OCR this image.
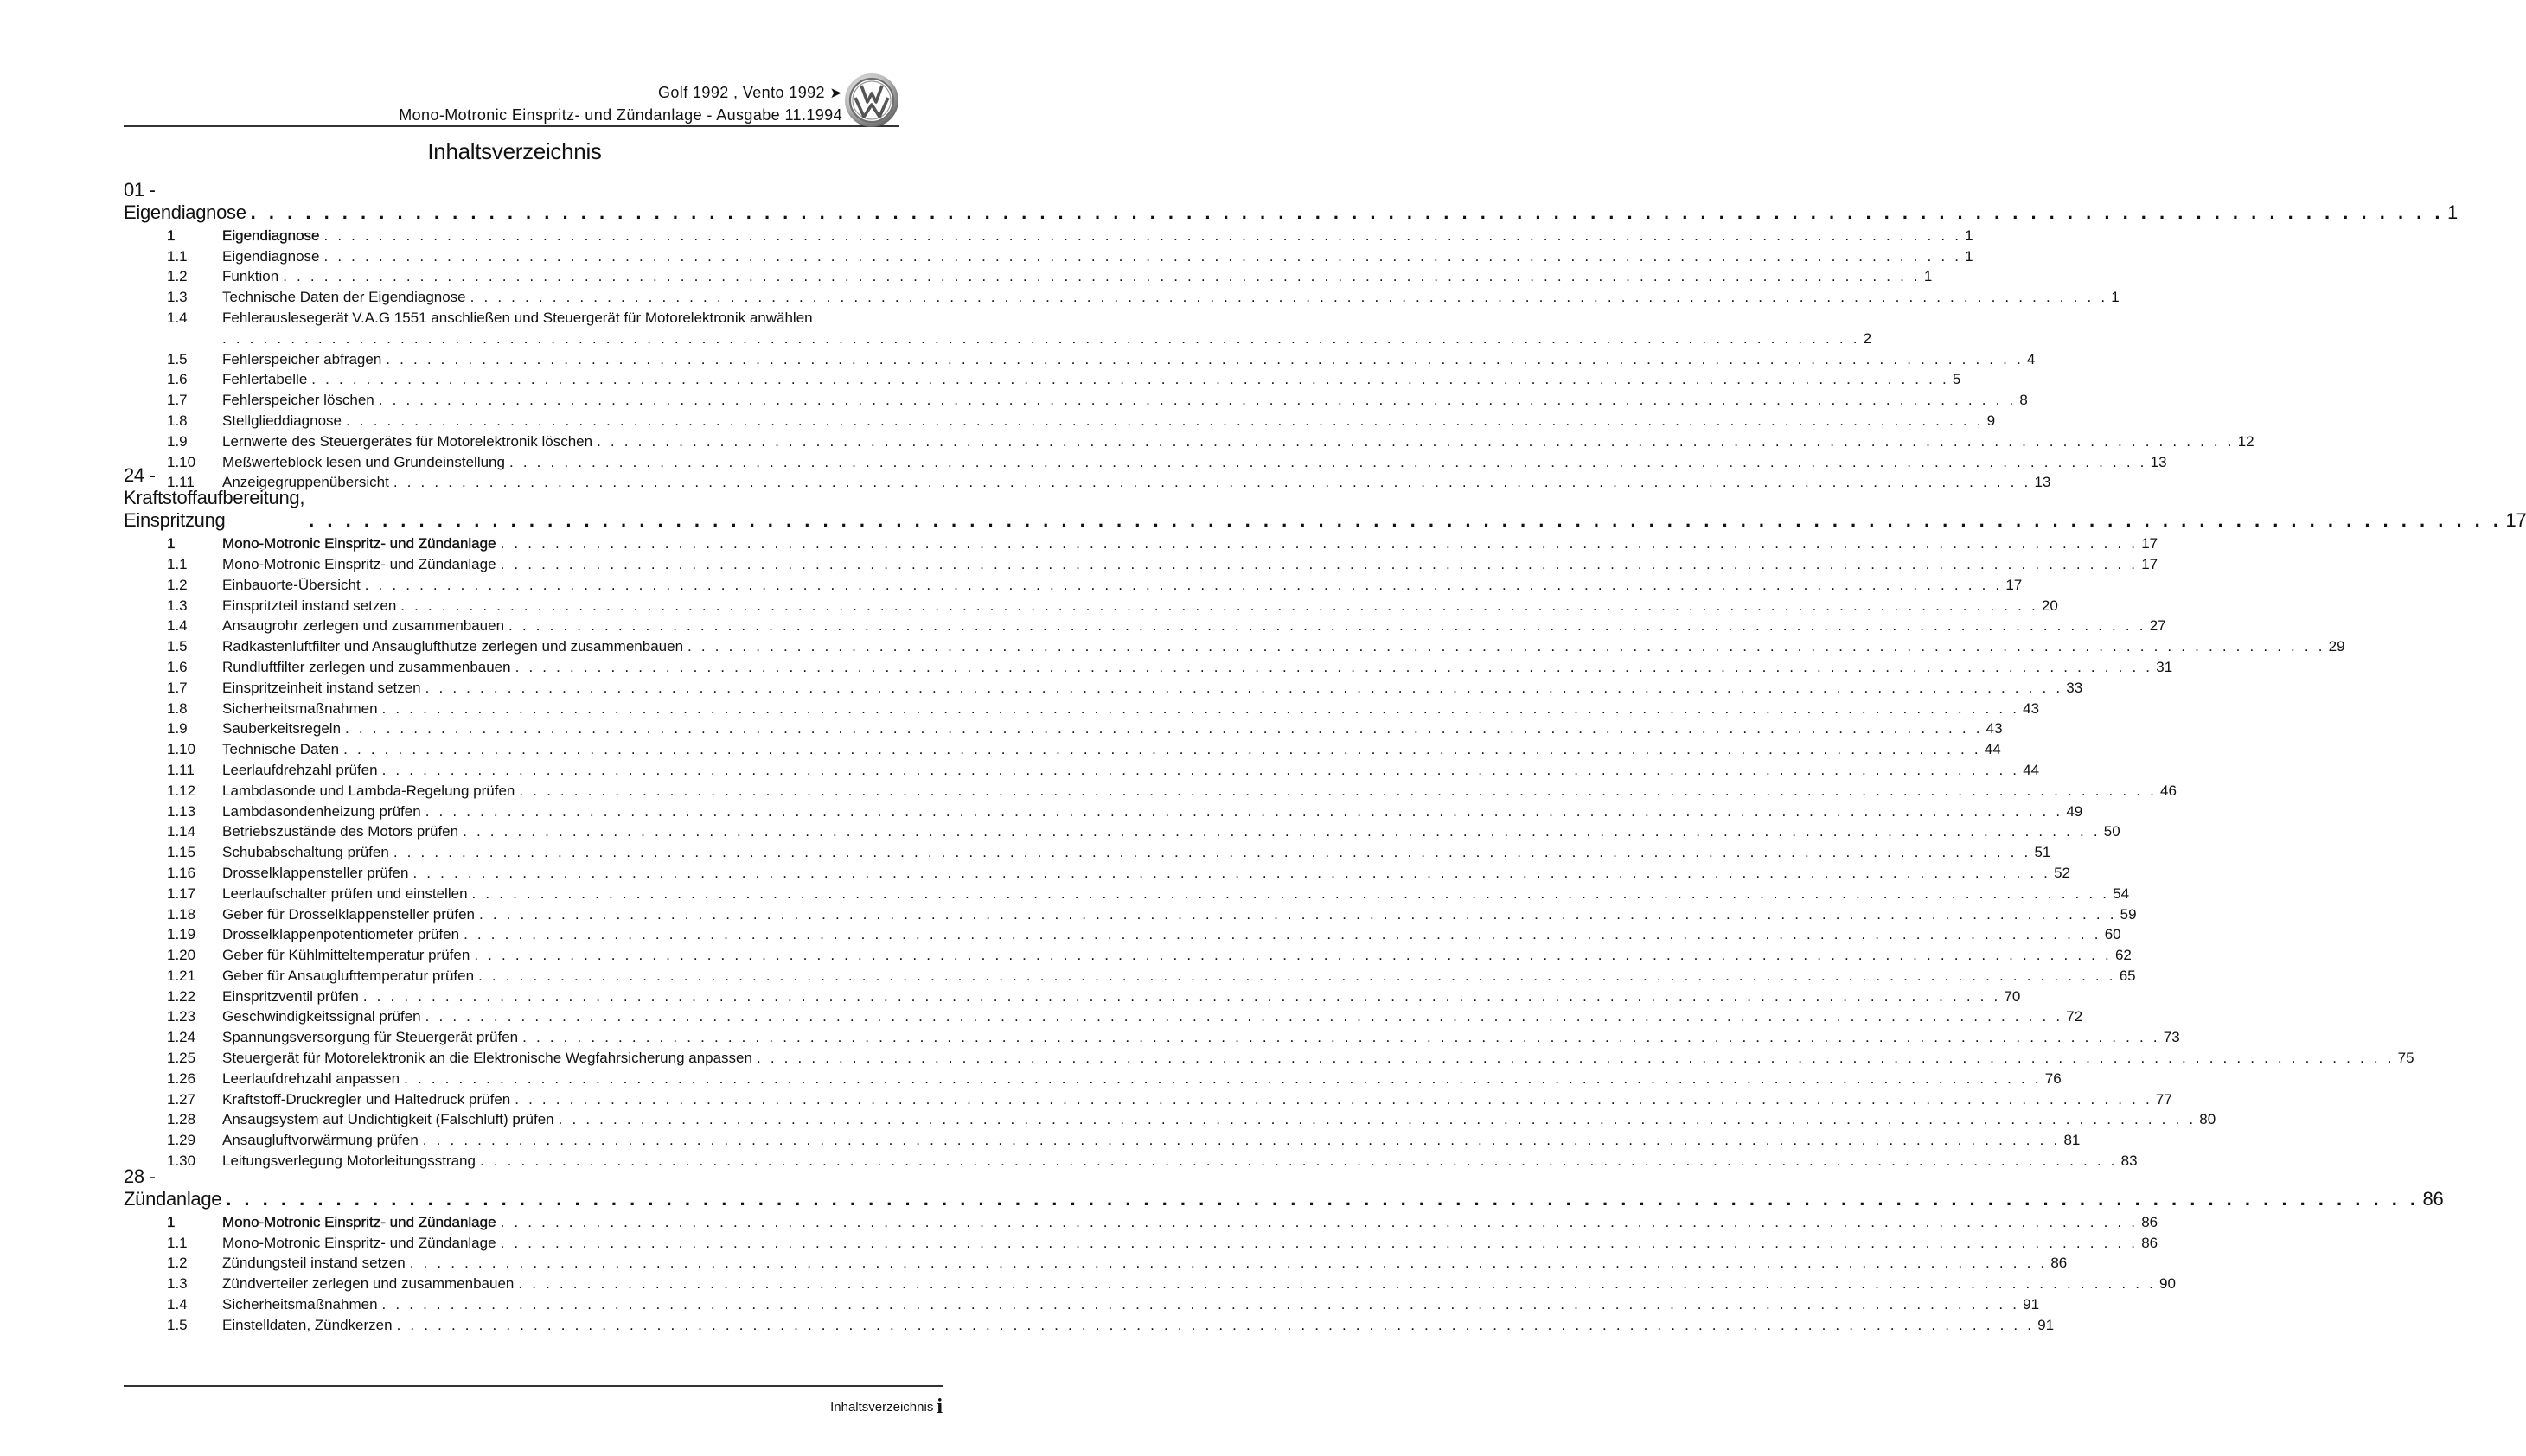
Golf 1992 , Vento 1992 ➤
Mono-Motronic Einspritz- und Zündanlage - Ausgabe 11.1994
Inhaltsverzeichnis
01 - Eigendiagnose . . . . . . . . . . . . . . . . . . . . . . . . . . . . . . . . . . . . . . . . . . . . . . . . . . . . . . . . . . . . . . . . . . . . . . . . . . . . . . . . . . . . . . . . . . . . . . . . . . . . . . . . . . . . . . . . . . . . . . . . 1
1	Eigendiagnose . . . . . . . . . . . . . . . . . . . . . . . . . . . . . . . . . . . . . . . . . . . . . . . . . . . . . . . . . . . . . . . . . . . . . . . . . . . . . . . . . . . . . . . . . . . . . . . . . . . . . . . . . . . . . . . . . . . . . . . . 1
1.1	Eigendiagnose . . . . . . . . . . . . . . . . . . . . . . . . . . . . . . . . . . . . . . . . . . . . . . . . . . . . . . . . . . . . . . . . . . . . . . . . . . . . . . . . . . . . . . . . . . . . . . . . . . . . . . . . . . . . . . . . . . . . . . . . 1
1.2	Funktion . . . . . . . . . . . . . . . . . . . . . . . . . . . . . . . . . . . . . . . . . . . . . . . . . . . . . . . . . . . . . . . . . . . . . . . . . . . . . . . . . . . . . . . . . . . . . . . . . . . . . . . . . . . . . . . . . . . . . . . . 1
1.3	Technische Daten der Eigendiagnose . . . . . . . . . . . . . . . . . . . . . . . . . . . . . . . . . . . . . . . . . . . . . . . . . . . . . . . . . . . . . . . . . . . . . . . . . . . . . . . . . . . . . . . . . . . . . . . . . . . . . . . . . . . . . . . . . . . . . . . . 1
1.4	Fehlerauslesegerät V.A.G 1551 anschließen und Steuergerät für Motorelektronik anwählen
. . . . . . . . . . . . . . . . . . . . . . . . . . . . . . . . . . . . . . . . . . . . . . . . . . . . . . . . . . . . . . . . . . . . . . . . . . . . . . . . . . . . . . . . . . . . . . . . . . . . . . . . . . . . . . . . . . . . . . . . 2
1.5	Fehlerspeicher abfragen . . . . . . . . . . . . . . . . . . . . . . . . . . . . . . . . . . . . . . . . . . . . . . . . . . . . . . . . . . . . . . . . . . . . . . . . . . . . . . . . . . . . . . . . . . . . . . . . . . . . . . . . . . . . . . . . . . . . . . . . 4
1.6	Fehlertabelle . . . . . . . . . . . . . . . . . . . . . . . . . . . . . . . . . . . . . . . . . . . . . . . . . . . . . . . . . . . . . . . . . . . . . . . . . . . . . . . . . . . . . . . . . . . . . . . . . . . . . . . . . . . . . . . . . . . . . . . . 5
1.7	Fehlerspeicher löschen . . . . . . . . . . . . . . . . . . . . . . . . . . . . . . . . . . . . . . . . . . . . . . . . . . . . . . . . . . . . . . . . . . . . . . . . . . . . . . . . . . . . . . . . . . . . . . . . . . . . . . . . . . . . . . . . . . . . . . . . 8
1.8	Stellglieddiagnose . . . . . . . . . . . . . . . . . . . . . . . . . . . . . . . . . . . . . . . . . . . . . . . . . . . . . . . . . . . . . . . . . . . . . . . . . . . . . . . . . . . . . . . . . . . . . . . . . . . . . . . . . . . . . . . . . . . . . . . . 9
1.9	Lernwerte des Steuergerätes für Motorelektronik löschen . . . . . . . . . . . . . . . . . . . . . . . . . . . . . . . . . . . . . . . . . . . . . . . . . . . . . . . . . . . . . . . . . . . . . . . . . . . . . . . . . . . . . . . . . . . . . . . . . . . . . . . . . . . . . . . . . . . . . . . . 12
1.10	Meßwerteblock lesen und Grundeinstellung . . . . . . . . . . . . . . . . . . . . . . . . . . . . . . . . . . . . . . . . . . . . . . . . . . . . . . . . . . . . . . . . . . . . . . . . . . . . . . . . . . . . . . . . . . . . . . . . . . . . . . . . . . . . . . . . . . . . . . . . 13
1.11	Anzeigegruppenübersicht . . . . . . . . . . . . . . . . . . . . . . . . . . . . . . . . . . . . . . . . . . . . . . . . . . . . . . . . . . . . . . . . . . . . . . . . . . . . . . . . . . . . . . . . . . . . . . . . . . . . . . . . . . . . . . . . . . . . . . . . 13
24 - Kraftstoffaufbereitung, Einspritzung	. . . . . . . . . . . . . . . . . . . . . . . . . . . . . . . . . . . . . . . . . . . . . . . . . . . . . . . . . . . . . . . . . . . . . . . . . . . . . . . . . . . . . . . . . . . . . . . . . . . . . . . . . . . . . . . . . . . . . . . . 17
1	Mono-Motronic Einspritz- und Zündanlage . . . . . . . . . . . . . . . . . . . . . . . . . . . . . . . . . . . . . . . . . . . . . . . . . . . . . . . . . . . . . . . . . . . . . . . . . . . . . . . . . . . . . . . . . . . . . . . . . . . . . . . . . . . . . . . . . . . . . . . . 17
1.1	Mono-Motronic Einspritz- und Zündanlage . . . . . . . . . . . . . . . . . . . . . . . . . . . . . . . . . . . . . . . . . . . . . . . . . . . . . . . . . . . . . . . . . . . . . . . . . . . . . . . . . . . . . . . . . . . . . . . . . . . . . . . . . . . . . . . . . . . . . . . . 17
1.2	Einbauorte-Übersicht . . . . . . . . . . . . . . . . . . . . . . . . . . . . . . . . . . . . . . . . . . . . . . . . . . . . . . . . . . . . . . . . . . . . . . . . . . . . . . . . . . . . . . . . . . . . . . . . . . . . . . . . . . . . . . . . . . . . . . . . 17
1.3	Einspritzteil instand setzen . . . . . . . . . . . . . . . . . . . . . . . . . . . . . . . . . . . . . . . . . . . . . . . . . . . . . . . . . . . . . . . . . . . . . . . . . . . . . . . . . . . . . . . . . . . . . . . . . . . . . . . . . . . . . . . . . . . . . . . . 20
1.4	Ansaugrohr zerlegen und zusammenbauen . . . . . . . . . . . . . . . . . . . . . . . . . . . . . . . . . . . . . . . . . . . . . . . . . . . . . . . . . . . . . . . . . . . . . . . . . . . . . . . . . . . . . . . . . . . . . . . . . . . . . . . . . . . . . . . . . . . . . . . . 27
1.5	Radkastenluftfilter und Ansauglufthutze zerlegen und zusammenbauen . . . . . . . . . . . . . . . . . . . . . . . . . . . . . . . . . . . . . . . . . . . . . . . . . . . . . . . . . . . . . . . . . . . . . . . . . . . . . . . . . . . . . . . . . . . . . . . . . . . . . . . . . . . . . . . . . . . . . . . . 29
1.6	Rundluftfilter zerlegen und zusammenbauen . . . . . . . . . . . . . . . . . . . . . . . . . . . . . . . . . . . . . . . . . . . . . . . . . . . . . . . . . . . . . . . . . . . . . . . . . . . . . . . . . . . . . . . . . . . . . . . . . . . . . . . . . . . . . . . . . . . . . . . . 31
1.7	Einspritzeinheit instand setzen . . . . . . . . . . . . . . . . . . . . . . . . . . . . . . . . . . . . . . . . . . . . . . . . . . . . . . . . . . . . . . . . . . . . . . . . . . . . . . . . . . . . . . . . . . . . . . . . . . . . . . . . . . . . . . . . . . . . . . . . 33
1.8	Sicherheitsmaßnahmen . . . . . . . . . . . . . . . . . . . . . . . . . . . . . . . . . . . . . . . . . . . . . . . . . . . . . . . . . . . . . . . . . . . . . . . . . . . . . . . . . . . . . . . . . . . . . . . . . . . . . . . . . . . . . . . . . . . . . . . . 43
1.9	Sauberkeitsregeln . . . . . . . . . . . . . . . . . . . . . . . . . . . . . . . . . . . . . . . . . . . . . . . . . . . . . . . . . . . . . . . . . . . . . . . . . . . . . . . . . . . . . . . . . . . . . . . . . . . . . . . . . . . . . . . . . . . . . . . . 43
1.10	Technische Daten . . . . . . . . . . . . . . . . . . . . . . . . . . . . . . . . . . . . . . . . . . . . . . . . . . . . . . . . . . . . . . . . . . . . . . . . . . . . . . . . . . . . . . . . . . . . . . . . . . . . . . . . . . . . . . . . . . . . . . . . 44
1.11	Leerlaufdrehzahl prüfen . . . . . . . . . . . . . . . . . . . . . . . . . . . . . . . . . . . . . . . . . . . . . . . . . . . . . . . . . . . . . . . . . . . . . . . . . . . . . . . . . . . . . . . . . . . . . . . . . . . . . . . . . . . . . . . . . . . . . . . . 44
1.12	Lambdasonde und Lambda-Regelung prüfen . . . . . . . . . . . . . . . . . . . . . . . . . . . . . . . . . . . . . . . . . . . . . . . . . . . . . . . . . . . . . . . . . . . . . . . . . . . . . . . . . . . . . . . . . . . . . . . . . . . . . . . . . . . . . . . . . . . . . . . . 46
1.13	Lambdasondenheizung prüfen . . . . . . . . . . . . . . . . . . . . . . . . . . . . . . . . . . . . . . . . . . . . . . . . . . . . . . . . . . . . . . . . . . . . . . . . . . . . . . . . . . . . . . . . . . . . . . . . . . . . . . . . . . . . . . . . . . . . . . . . 49
1.14	Betriebszustände des Motors prüfen . . . . . . . . . . . . . . . . . . . . . . . . . . . . . . . . . . . . . . . . . . . . . . . . . . . . . . . . . . . . . . . . . . . . . . . . . . . . . . . . . . . . . . . . . . . . . . . . . . . . . . . . . . . . . . . . . . . . . . . . 50
1.15	Schubabschaltung prüfen . . . . . . . . . . . . . . . . . . . . . . . . . . . . . . . . . . . . . . . . . . . . . . . . . . . . . . . . . . . . . . . . . . . . . . . . . . . . . . . . . . . . . . . . . . . . . . . . . . . . . . . . . . . . . . . . . . . . . . . . 51
1.16	Drosselklappensteller prüfen . . . . . . . . . . . . . . . . . . . . . . . . . . . . . . . . . . . . . . . . . . . . . . . . . . . . . . . . . . . . . . . . . . . . . . . . . . . . . . . . . . . . . . . . . . . . . . . . . . . . . . . . . . . . . . . . . . . . . . . . 52
1.17	Leerlaufschalter prüfen und einstellen . . . . . . . . . . . . . . . . . . . . . . . . . . . . . . . . . . . . . . . . . . . . . . . . . . . . . . . . . . . . . . . . . . . . . . . . . . . . . . . . . . . . . . . . . . . . . . . . . . . . . . . . . . . . . . . . . . . . . . . . 54
1.18	Geber für Drosselklappensteller prüfen . . . . . . . . . . . . . . . . . . . . . . . . . . . . . . . . . . . . . . . . . . . . . . . . . . . . . . . . . . . . . . . . . . . . . . . . . . . . . . . . . . . . . . . . . . . . . . . . . . . . . . . . . . . . . . . . . . . . . . . . 59
1.19	Drosselklappenpotentiometer prüfen . . . . . . . . . . . . . . . . . . . . . . . . . . . . . . . . . . . . . . . . . . . . . . . . . . . . . . . . . . . . . . . . . . . . . . . . . . . . . . . . . . . . . . . . . . . . . . . . . . . . . . . . . . . . . . . . . . . . . . . . 60
1.20	Geber für Kühlmitteltemperatur prüfen . . . . . . . . . . . . . . . . . . . . . . . . . . . . . . . . . . . . . . . . . . . . . . . . . . . . . . . . . . . . . . . . . . . . . . . . . . . . . . . . . . . . . . . . . . . . . . . . . . . . . . . . . . . . . . . . . . . . . . . . 62
1.21	Geber für Ansauglufttemperatur prüfen . . . . . . . . . . . . . . . . . . . . . . . . . . . . . . . . . . . . . . . . . . . . . . . . . . . . . . . . . . . . . . . . . . . . . . . . . . . . . . . . . . . . . . . . . . . . . . . . . . . . . . . . . . . . . . . . . . . . . . . . 65
1.22	Einspritzventil prüfen . . . . . . . . . . . . . . . . . . . . . . . . . . . . . . . . . . . . . . . . . . . . . . . . . . . . . . . . . . . . . . . . . . . . . . . . . . . . . . . . . . . . . . . . . . . . . . . . . . . . . . . . . . . . . . . . . . . . . . . . 70
1.23	Geschwindigkeitssignal prüfen . . . . . . . . . . . . . . . . . . . . . . . . . . . . . . . . . . . . . . . . . . . . . . . . . . . . . . . . . . . . . . . . . . . . . . . . . . . . . . . . . . . . . . . . . . . . . . . . . . . . . . . . . . . . . . . . . . . . . . . . 72
1.24	Spannungsversorgung für Steuergerät prüfen . . . . . . . . . . . . . . . . . . . . . . . . . . . . . . . . . . . . . . . . . . . . . . . . . . . . . . . . . . . . . . . . . . . . . . . . . . . . . . . . . . . . . . . . . . . . . . . . . . . . . . . . . . . . . . . . . . . . . . . . 73
1.25	Steuergerät für Motorelektronik an die Elektronische Wegfahrsicherung anpassen . . . . . . . . . . . . . . . . . . . . . . . . . . . . . . . . . . . . . . . . . . . . . . . . . . . . . . . . . . . . . . . . . . . . . . . . . . . . . . . . . . . . . . . . . . . . . . . . . . . . . . . . . . . . . . . . . . . . . . . . 75
1.26	Leerlaufdrehzahl anpassen . . . . . . . . . . . . . . . . . . . . . . . . . . . . . . . . . . . . . . . . . . . . . . . . . . . . . . . . . . . . . . . . . . . . . . . . . . . . . . . . . . . . . . . . . . . . . . . . . . . . . . . . . . . . . . . . . . . . . . . . 76
1.27	Kraftstoff-Druckregler und Haltedruck prüfen . . . . . . . . . . . . . . . . . . . . . . . . . . . . . . . . . . . . . . . . . . . . . . . . . . . . . . . . . . . . . . . . . . . . . . . . . . . . . . . . . . . . . . . . . . . . . . . . . . . . . . . . . . . . . . . . . . . . . . . . 77
1.28	Ansaugsystem auf Undichtigkeit (Falschluft) prüfen . . . . . . . . . . . . . . . . . . . . . . . . . . . . . . . . . . . . . . . . . . . . . . . . . . . . . . . . . . . . . . . . . . . . . . . . . . . . . . . . . . . . . . . . . . . . . . . . . . . . . . . . . . . . . . . . . . . . . . . . 80
1.29	Ansaugluftvorwärmung prüfen . . . . . . . . . . . . . . . . . . . . . . . . . . . . . . . . . . . . . . . . . . . . . . . . . . . . . . . . . . . . . . . . . . . . . . . . . . . . . . . . . . . . . . . . . . . . . . . . . . . . . . . . . . . . . . . . . . . . . . . . 81
1.30	Leitungsverlegung Motorleitungsstrang . . . . . . . . . . . . . . . . . . . . . . . . . . . . . . . . . . . . . . . . . . . . . . . . . . . . . . . . . . . . . . . . . . . . . . . . . . . . . . . . . . . . . . . . . . . . . . . . . . . . . . . . . . . . . . . . . . . . . . . . 83
28 - Zündanlage . . . . . . . . . . . . . . . . . . . . . . . . . . . . . . . . . . . . . . . . . . . . . . . . . . . . . . . . . . . . . . . . . . . . . . . . . . . . . . . . . . . . . . . . . . . . . . . . . . . . . . . . . . . . . . . . . . . . . . . . 86
1	Mono-Motronic Einspritz- und Zündanlage . . . . . . . . . . . . . . . . . . . . . . . . . . . . . . . . . . . . . . . . . . . . . . . . . . . . . . . . . . . . . . . . . . . . . . . . . . . . . . . . . . . . . . . . . . . . . . . . . . . . . . . . . . . . . . . . . . . . . . . . 86
1.1	Mono-Motronic Einspritz- und Zündanlage . . . . . . . . . . . . . . . . . . . . . . . . . . . . . . . . . . . . . . . . . . . . . . . . . . . . . . . . . . . . . . . . . . . . . . . . . . . . . . . . . . . . . . . . . . . . . . . . . . . . . . . . . . . . . . . . . . . . . . . . 86
1.2	Zündungsteil instand setzen . . . . . . . . . . . . . . . . . . . . . . . . . . . . . . . . . . . . . . . . . . . . . . . . . . . . . . . . . . . . . . . . . . . . . . . . . . . . . . . . . . . . . . . . . . . . . . . . . . . . . . . . . . . . . . . . . . . . . . . . 86
1.3	Zündverteiler zerlegen und zusammenbauen . . . . . . . . . . . . . . . . . . . . . . . . . . . . . . . . . . . . . . . . . . . . . . . . . . . . . . . . . . . . . . . . . . . . . . . . . . . . . . . . . . . . . . . . . . . . . . . . . . . . . . . . . . . . . . . . . . . . . . . . 90
1.4	Sicherheitsmaßnahmen . . . . . . . . . . . . . . . . . . . . . . . . . . . . . . . . . . . . . . . . . . . . . . . . . . . . . . . . . . . . . . . . . . . . . . . . . . . . . . . . . . . . . . . . . . . . . . . . . . . . . . . . . . . . . . . . . . . . . . . . 91
1.5	Einstelldaten, Zündkerzen . . . . . . . . . . . . . . . . . . . . . . . . . . . . . . . . . . . . . . . . . . . . . . . . . . . . . . . . . . . . . . . . . . . . . . . . . . . . . . . . . . . . . . . . . . . . . . . . . . . . . . . . . . . . . . . . . . . . . . . . 91
Inhaltsverzeichnis i
